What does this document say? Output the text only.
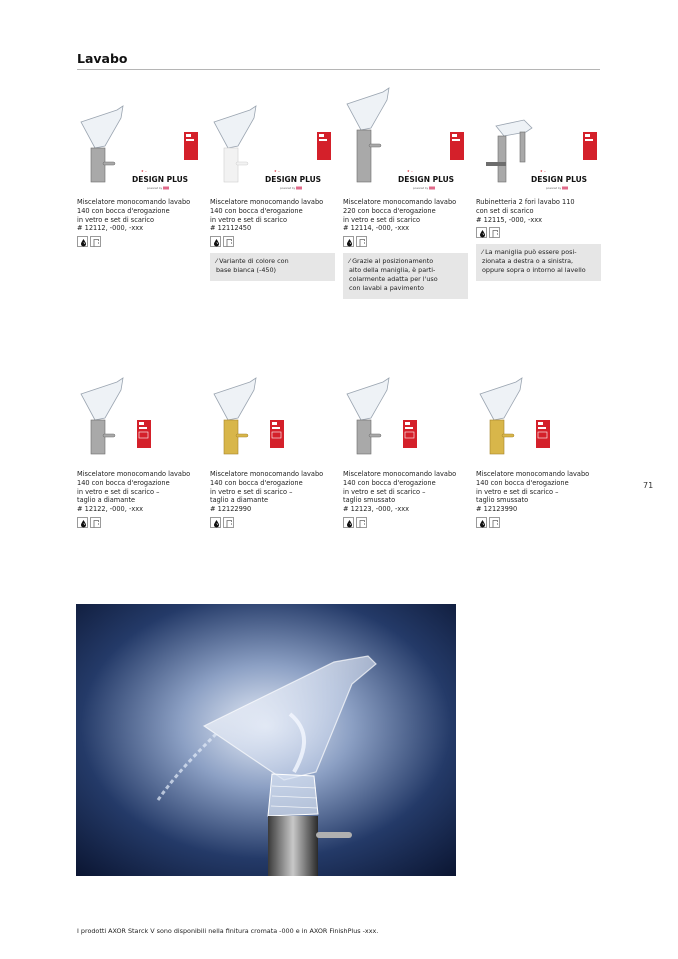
Lavabo
★ ~
DESIGN PLUS
powered by
Miscelatore monocomando lavabo
140 con bocca d'erogazione
in vetro e set di scarico
# 12112, -000, -xxx
★ ~
DESIGN PLUS
powered by
Miscelatore monocomando lavabo
140 con bocca d'erogazione
in vetro e set di scarico
# 12112450
⁄ Variante di colore con
base bianca (-450)
★ ~
DESIGN PLUS
powered by
Miscelatore monocomando lavabo
220 con bocca d'erogazione
in vetro e set di scarico
# 12114, -000, -xxx
⁄ Grazie al posizionamento
alto della maniglia, è parti-
colarmente adatta per l'uso
con lavabi a pavimento
★ ~
DESIGN PLUS
powered by
Rubinetteria 2 fori lavabo 110
con set di scarico
# 12115, -000, -xxx
⁄ La maniglia può essere posi-
zionata a destra o a sinistra,
oppure sopra o intorno al lavello
Miscelatore monocomando lavabo
140 con bocca d'erogazione
in vetro e set di scarico –
taglio a diamante
# 12122, -000, -xxx
Miscelatore monocomando lavabo
140 con bocca d'erogazione
in vetro e set di scarico –
taglio a diamante
# 12122990
Miscelatore monocomando lavabo
140 con bocca d'erogazione
in vetro e set di scarico –
taglio smussato
# 12123, -000, -xxx
Miscelatore monocomando lavabo
140 con bocca d'erogazione
in vetro e set di scarico –
taglio smussato
# 12123990
71
I prodotti AXOR Starck V sono disponibili nella finitura cromata -000 e in AXOR FinishPlus -xxx.
